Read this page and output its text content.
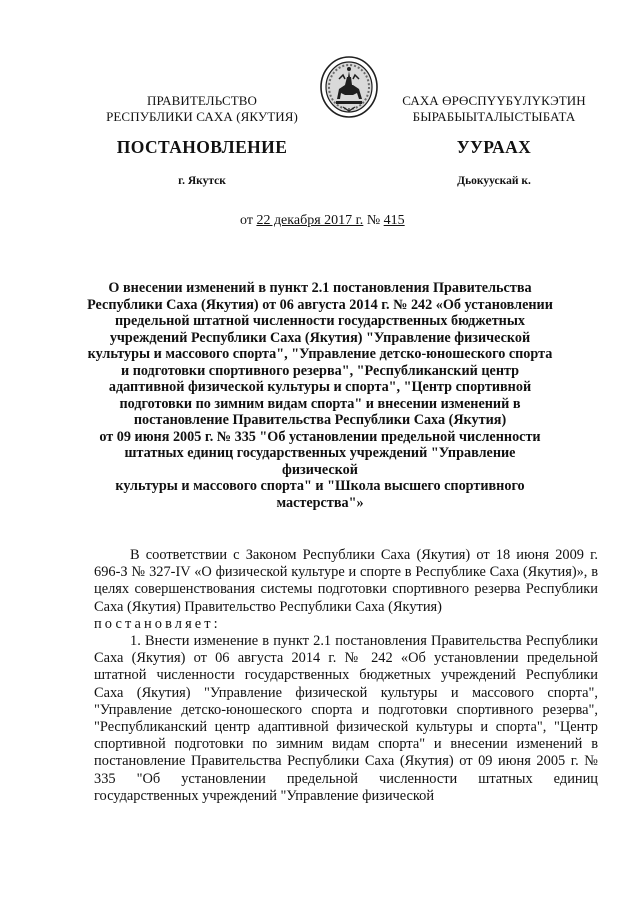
ПРАВИТЕЛЬСТВО
РЕСПУБЛИКИ САХА (ЯКУТИЯ)
САХА ӨРӨСПҮҮБҮЛҮКЭТИН
БЫРАБЫЫТАЛЫСТЫБАТА
ПОСТАНОВЛЕНИЕ	УУРААХ
г. Якутск	Дьокуускай к.
от 22 декабря 2017 г. № 415
О внесении изменений в пункт 2.1 постановления Правительства
Республики Саха (Якутия) от 06 августа 2014 г. № 242 «Об установлении
предельной штатной численности государственных бюджетных
учреждений Республики Саха (Якутия) "Управление физической
культуры и массового спорта", "Управление детско-юношеского спорта
и подготовки спортивного резерва", "Республиканский центр
адаптивной физической культуры и спорта", "Центр спортивной
подготовки по зимним видам спорта" и внесении изменений в
постановление Правительства Республики Саха (Якутия)
от 09 июня 2005 г. № 335 "Об установлении предельной численности
штатных единиц государственных учреждений "Управление физической
культуры и массового спорта" и "Школа высшего спортивного
мастерства"»

В соответствии с Законом Республики Саха (Якутия) от 18 июня 2009 г. 696-З № 327-IV «О физической культуре и спорте в Республике Саха (Якутия)», в целях совершенствования системы подготовки спортивного резерва Республики Саха (Якутия) Правительство Республики Саха (Якутия)

постановляет:

1. Внести изменение в пункт 2.1 постановления Правительства Республики Саха (Якутия) от 06 августа 2014 г. № 242 «Об установлении предельной штатной численности государственных бюджетных учреждений Республики Саха (Якутия) "Управление физической культуры и массового спорта", "Управление детско-юношеского спорта и подготовки спортивного резерва", "Республиканский центр адаптивной физической культуры и спорта", "Центр спортивной подготовки по зимним видам спорта" и внесении изменений в постановление Правительства Республики Саха (Якутия) от 09 июня 2005 г. № 335 "Об установлении предельной численности штатных единиц государственных учреждений "Управление физической
